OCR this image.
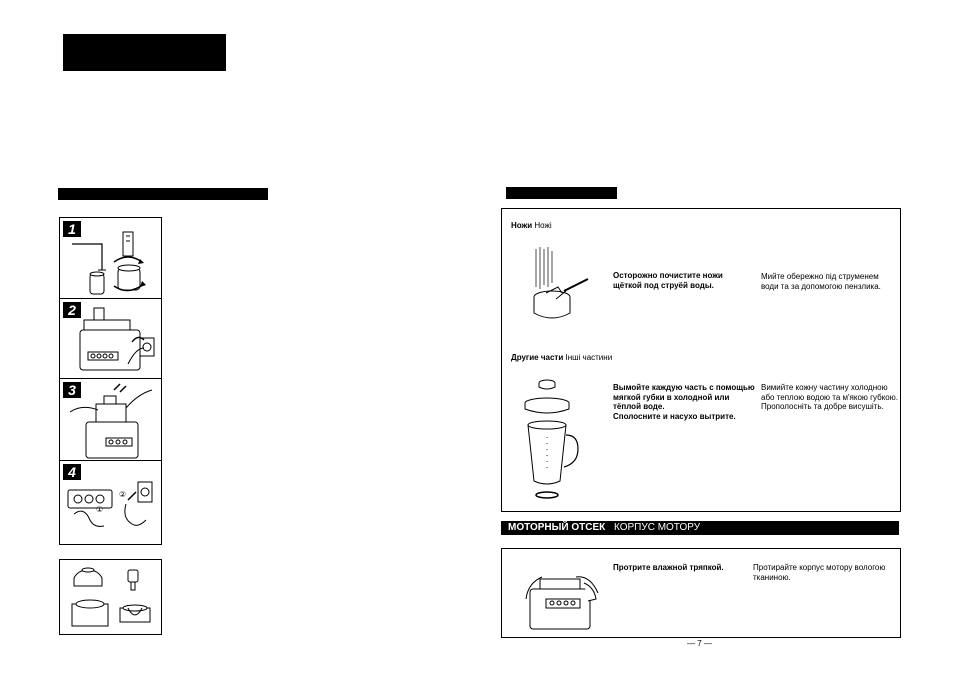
1
2
3
4
①
②
Ножи Ножі
Осторожно почистите ножи
щёткой под струёй воды.
Мийте обережно під струменем
води та за допомогою пензлика.
Другие части Інші частини
Вымойте каждую часть с помощью
мягкой губки в холодной или
тёплой воде.
Сполосните и насухо вытрите.
Вимийте кожну частину холодною
або теплою водою та м'якою губкою.
Прополосніть та добре висушіть.
МОТОРНЫЙ ОТСЕК КОРПУС МОТОРУ
Протрите влажной тряпкой.	Протирайте корпус мотору вологою
тканиною.
— 7 —
